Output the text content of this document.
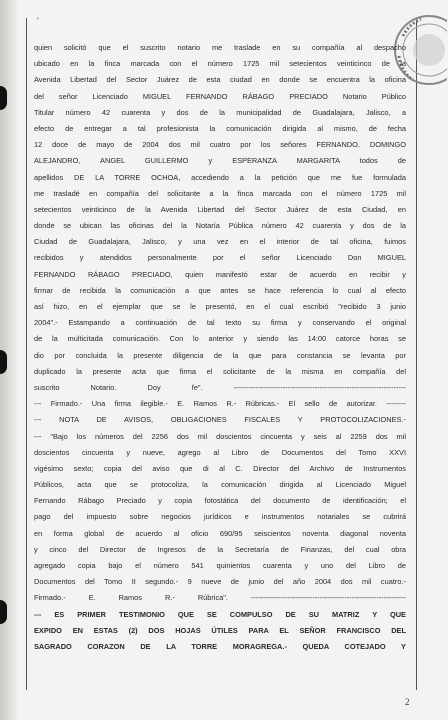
'
quien solicitó que el suscrito notario me traslade en su compañía al despacho
ubicado en la finca marcada con el número 1725 mil setecientos veinticinco de la
Avenida Libertad del Sector Juárez de esta ciudad en donde se encuentra la oficina
del señor Licenciado MIGUEL FERNANDO RÁBAGO PRECIADO Notario Público
Titular número 42 cuarenta y dos de la municipalidad de Guadalajara, Jalisco, a
efecto de entregar a tal profesionista la comunicación dirigida al mismo, de fecha
12 doce de mayo de 2004 dos mil cuatro por los señores FERNANDO, DOMINGO
ALEJANDRO, ANGEL GUILLERMO y ESPERANZA MARGARITA todos de
apellidos DE LA TORRE OCHOA, accediendo a la petición que me fue formulada
me trasladé en compañía del solicitante a la finca marcada con el número 1725 mil
setecientos veinticinco de la Avenida Libertad del Sector Juárez de esta Ciudad, en
donde se ubican las oficinas del la Notaría Pública número 42 cuarenta y dos de la
Ciudad de Guadalajara, Jalisco, y una vez en el interior de tal oficina, fuimos
recibidos y atendidos personalmente por el señor Licenciado Don MIGUEL
FERNANDO RÁBAGO PRECIADO, quien manifestó estar de acuerdo en recibir y
firmar de recibida la comunicación a que antes se hace referencia lo cual al efecto
así hizo, en el ejemplar que se le presentó, en el cual escribió "recibido 3 junio
2004".- Estampando a continuación de tal texto su firma y conservando el original
de la multicitada comunicación. Con lo anterior y siendo las 14:00 catorce horas se
dio por concluida la presente diligencia de la que para constancia se levanta por
duplicado la presente acta que firma el solicitante de la misma en compañía del
suscrito Notario. Doy fe". ----------------------------------------------------------------------
--- Firmado.- Una firma ilegible.- E. Ramos R.- Rúbricas.- El sello de autorizar. --------
--- NOTA DE AVISOS, OBLIGACIONES FISCALES Y PROTOCOLIZACIONES.-
--- "Bajo los números del 2256 dos mil doscientos cincuenta y seis al 2259 dos mil
doscientos cincuenta y nueve, agrego al Libro de Documentos del Tomo XXVI
vigésimo sexto; copia del aviso que di al C. Director del Archivo de Instrumentos
Públicos, acta que se protocoliza, la comunicación dirigida al Licenciado Miguel
Fernando Rábago Preciado y copia fotostática del documento de identificación; el
pago del impuesto sobre negocios jurídicos e instrumentos notariales se cubrirá
en forma global de acuerdo al oficio 690/95 seiscientos noventa diagonal noventa
y cinco del Director de Ingresos de la Secretaría de Finanzas, del cual obra
agregado copia bajo el número 541 quinientos cuarenta y uno del Libro de
Documentos del Tomo II segundo.- 9 nueve de junio del año 2004 dos mil cuatro.-
Firmado.- E. Ramos R.- Rúbrica". ---------------------------------------------------------------
--- ES PRIMER TESTIMONIO QUE SE COMPULSO DE SU MATRIZ Y QUE
EXPIDO EN ESTAS (2) DOS HOJAS ÚTILES PARA EL SEÑOR FRANCISCO DEL
SAGRADO CORAZON DE LA TORRE MORAGREGA.- QUEDA COTEJADO Y
2
